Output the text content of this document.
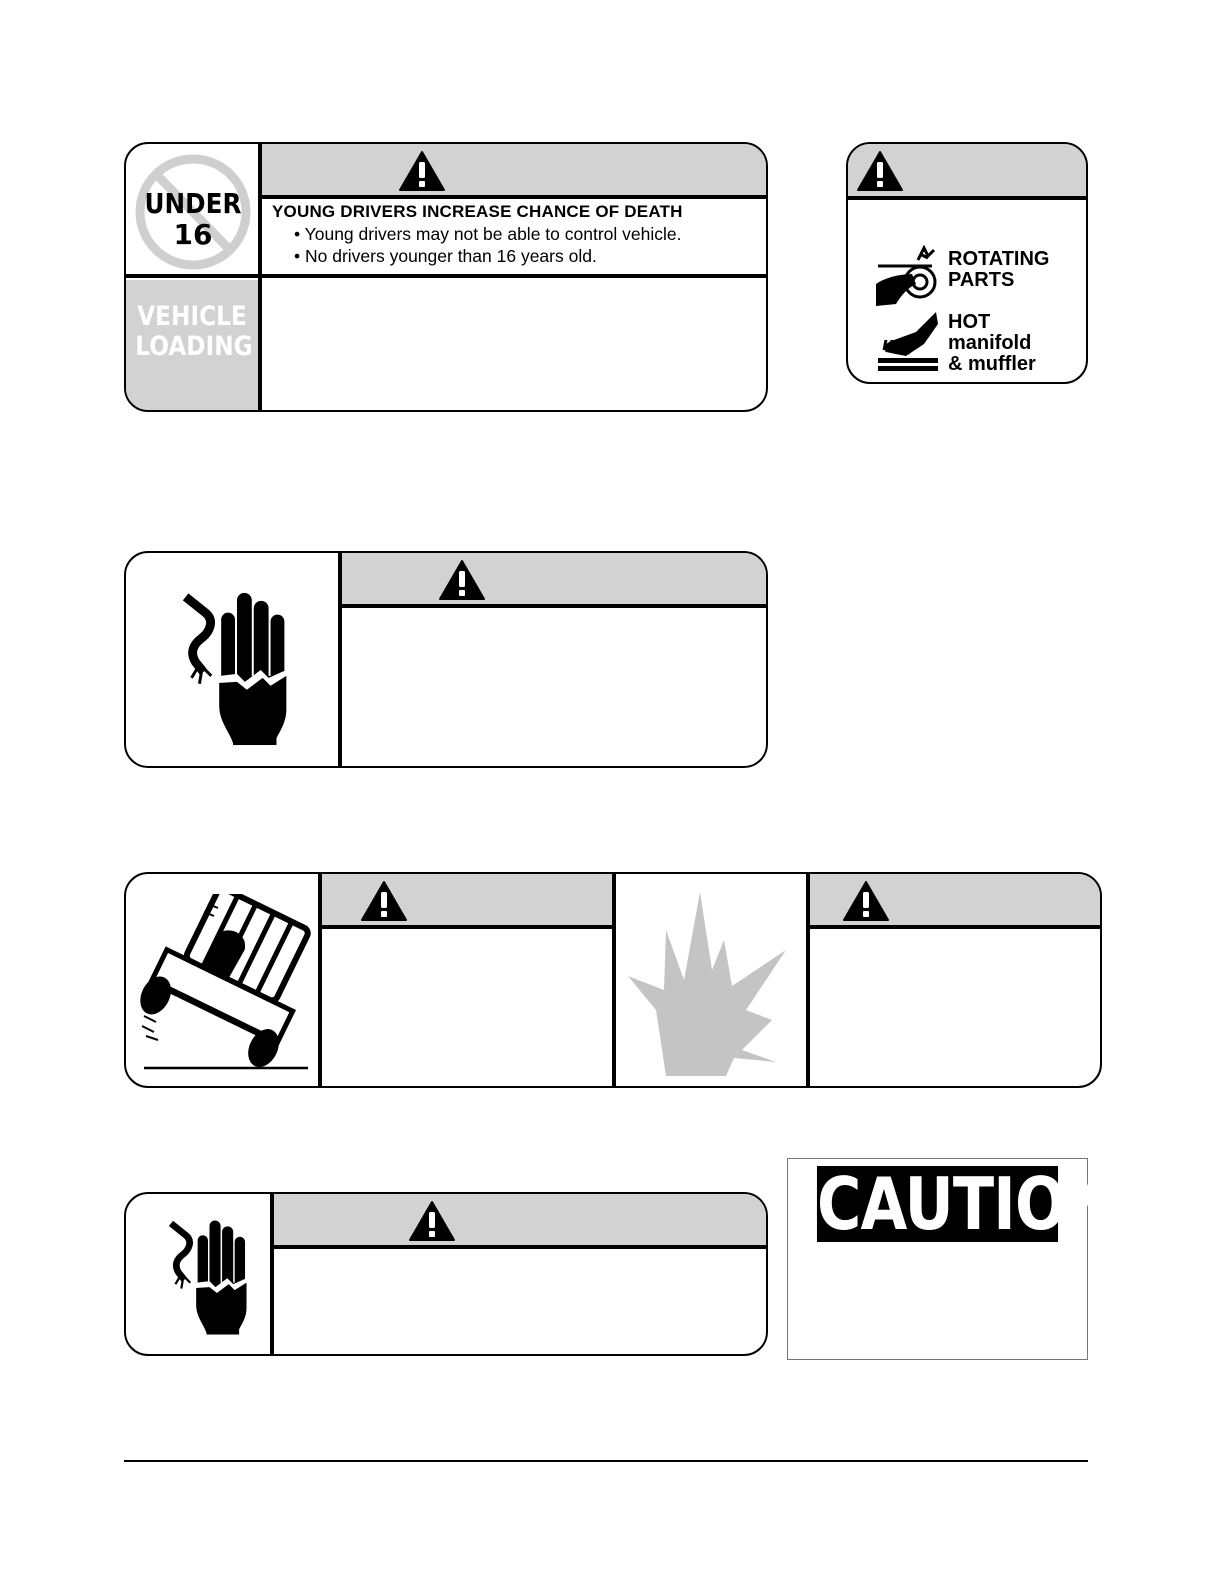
VEHICLE
LOADING
UNDER
16
YOUNG DRIVERS INCREASE CHANCE OF DEATH
• Young drivers may not be able to control vehicle.
• No drivers younger than 16 years old.	ROTATING
PARTS
HOT
manifold
& muffler
CAUTION
